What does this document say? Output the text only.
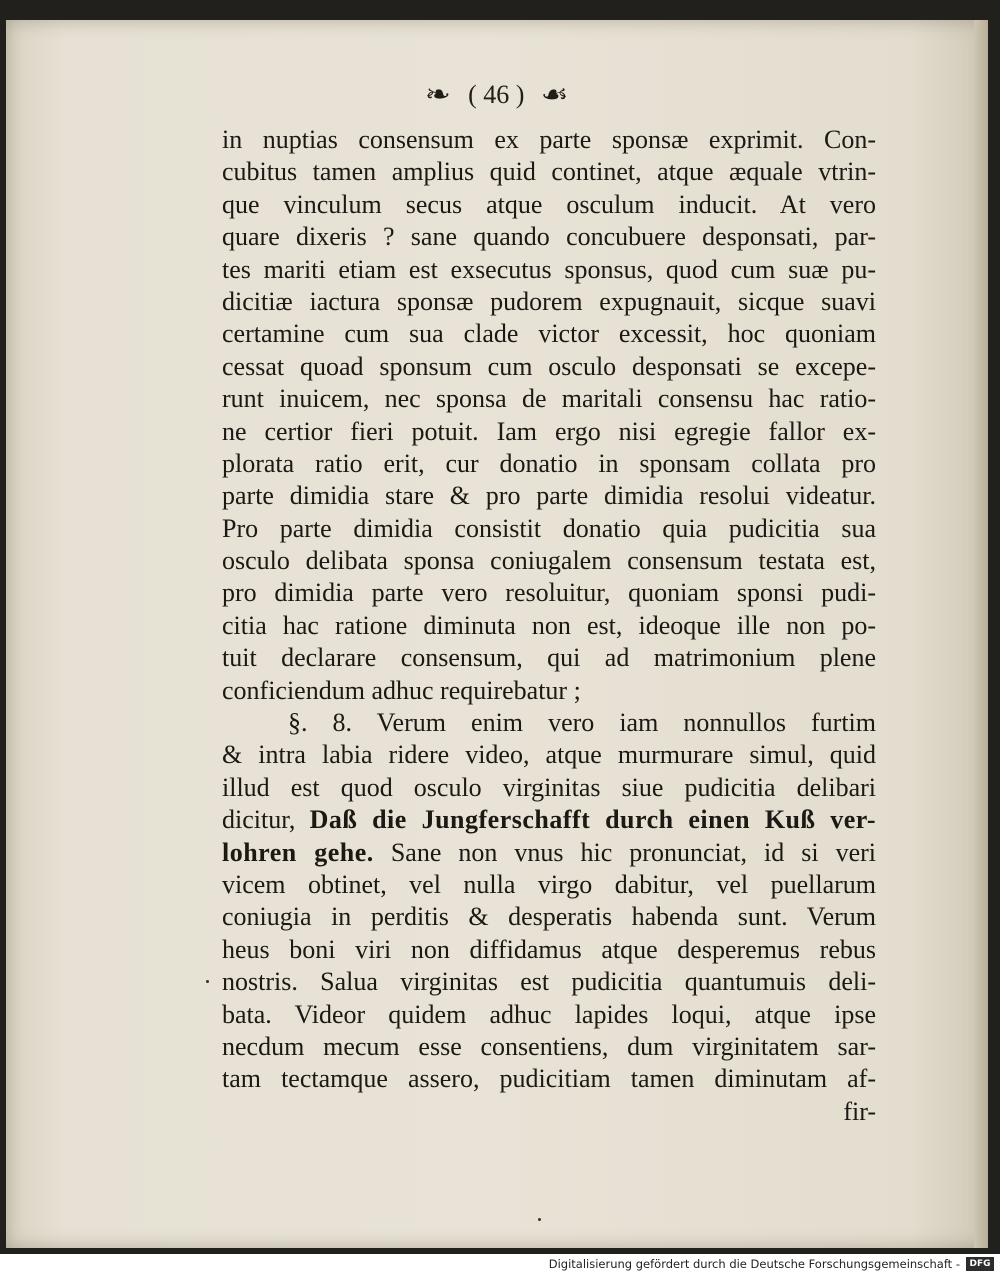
❧ ( 46 ) ☙
in nuptias consensum ex parte sponsæ exprimit. Con-
cubitus tamen amplius quid continet, atque æquale vtrin-
que vinculum secus atque osculum inducit. At vero
quare dixeris ? sane quando concubuere desponsati, par-
tes mariti etiam est exsecutus sponsus, quod cum suæ pu-
dicitiæ iactura sponsæ pudorem expugnauit, sicque suavi
certamine cum sua clade victor excessit, hoc quoniam
cessat quoad sponsum cum osculo desponsati se excepe-
runt inuicem, nec sponsa de maritali consensu hac ratio-
ne certior fieri potuit. Iam ergo nisi egregie fallor ex-
plorata ratio erit, cur donatio in sponsam collata pro
parte dimidia stare & pro parte dimidia resolui videatur.
Pro parte dimidia consistit donatio quia pudicitia sua
osculo delibata sponsa coniugalem consensum testata est,
pro dimidia parte vero resoluitur, quoniam sponsi pudi-
citia hac ratione diminuta non est, ideoque ille non po-
tuit declarare consensum, qui ad matrimonium plene
conficiendum adhuc requirebatur ;
§. 8. Verum enim vero iam nonnullos furtim
& intra labia ridere video, atque murmurare simul, quid
illud est quod osculo virginitas siue pudicitia delibari
dicitur, Daß die Jungferschafft durch einen Kuß ver-
lohren gehe. Sane non vnus hic pronunciat, id si veri
vicem obtinet, vel nulla virgo dabitur, vel puellarum
coniugia in perditis & desperatis habenda sunt. Verum
heus boni viri non diffidamus atque desperemus rebus
nostris. Salua virginitas est pudicitia quantumuis deli-
bata. Videor quidem adhuc lapides loqui, atque ipse
necdum mecum esse consentiens, dum virginitatem sar-
tam tectamque assero, pudicitiam tamen diminutam af-
fir-
Digitalisierung gefördert durch die Deutsche Forschungsgemeinschaft -	DFG
